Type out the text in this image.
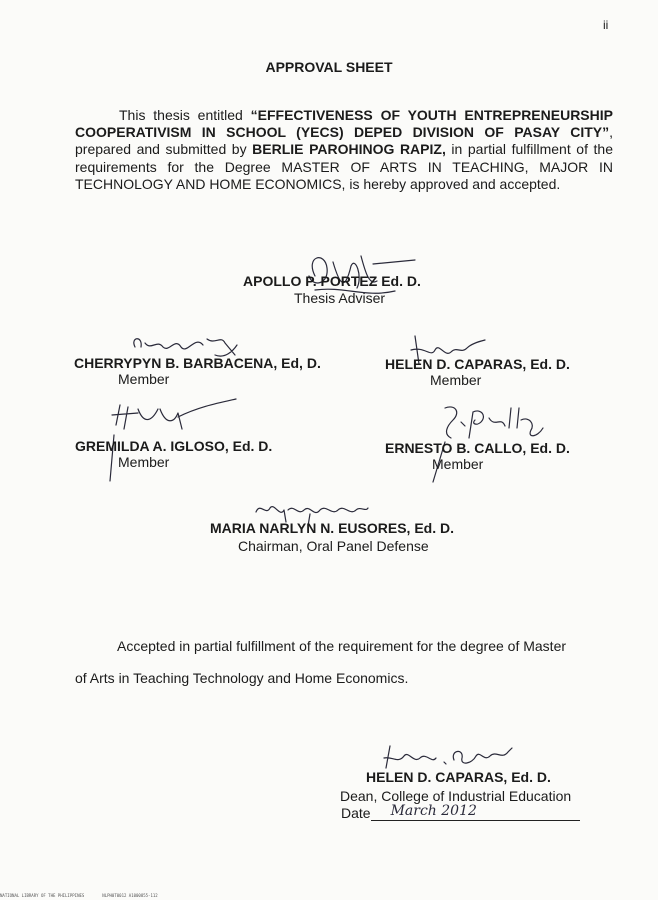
ii
APPROVAL SHEET
This thesis entitled “EFFECTIVENESS OF YOUTH ENTREPRENEURSHIP COOPERATIVISM IN SCHOOL (YECS) DEPED DIVISION OF PASAY CITY”, prepared and submitted by BERLIE PAROHINOG RAPIZ, in partial fulfillment of the requirements for the Degree MASTER OF ARTS IN TEACHING, MAJOR IN TECHNOLOGY AND HOME ECONOMICS, is hereby approved and accepted.
APOLLO P. PORTEZ Ed. D.
Thesis Adviser
CHERRYPYN B. BARBACENA, Ed, D.
Member
HELEN D. CAPARAS, Ed. D.
Member
GREMILDA A. IGLOSO, Ed. D.
Member
ERNESTO B. CALLO, Ed. D.
Member
MARIA NARLYN N. EUSORES, Ed. D.
Chairman, Oral Panel Defense
Accepted in partial fulfillment of the requirement for the degree of Master
of Arts in Teaching Technology and Home Economics.
HELEN D. CAPARAS, Ed. D.
Dean, College of Industrial Education
Date March 2012
NATIONAL LIBRARY OF THE PHILIPPINES	NLPH0T0012 A1000855-112
